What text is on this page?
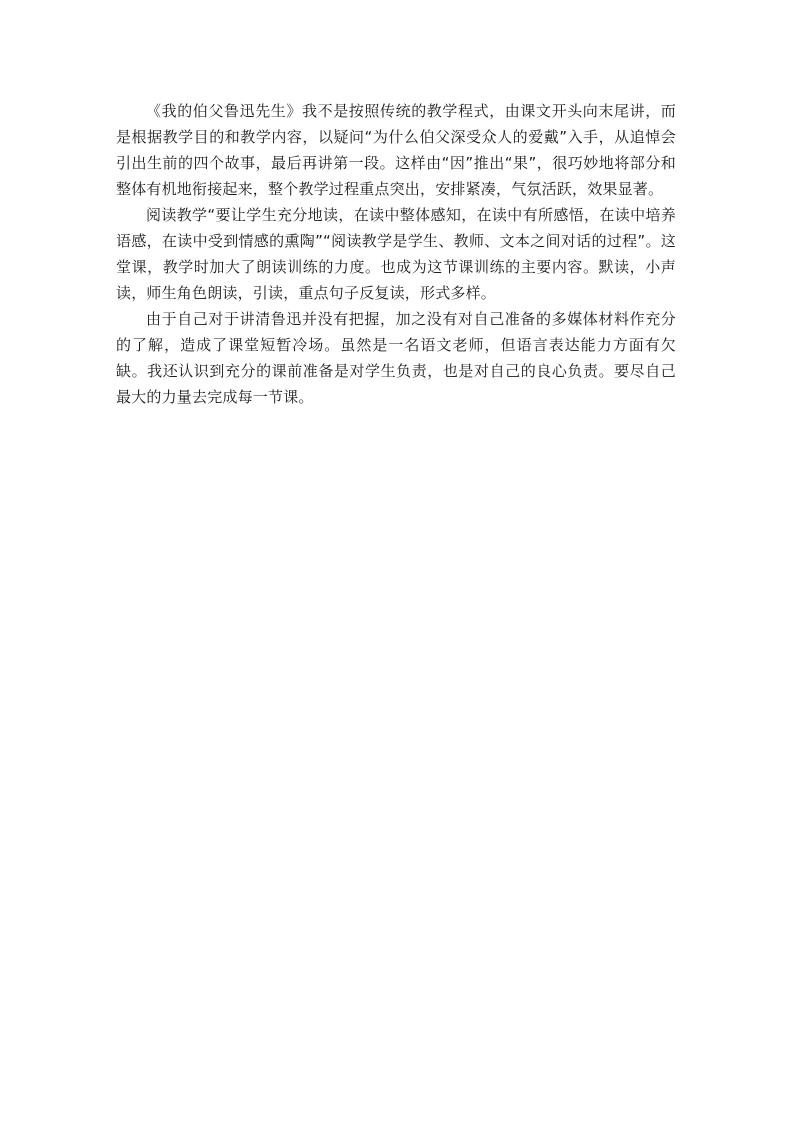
《我的伯父鲁迅先生》我不是按照传统的教学程式，由课文开头向末尾讲，而是根据教学目的和教学内容，以疑问“为什么伯父深受众人的爱戴”入手，从追悼会引出生前的四个故事，最后再讲第一段。这样由“因”推出“果”，很巧妙地将部分和整体有机地衔接起来，整个教学过程重点突出，安排紧凑，气氛活跃，效果显著。

阅读教学“要让学生充分地读，在读中整体感知，在读中有所感悟，在读中培养语感，在读中受到情感的熏陶”“阅读教学是学生、教师、文本之间对话的过程”。这堂课，教学时加大了朗读训练的力度。也成为这节课训练的主要内容。默读，小声读，师生角色朗读，引读，重点句子反复读，形式多样。

由于自己对于讲清鲁迅并没有把握，加之没有对自己准备的多媒体材料作充分的了解，造成了课堂短暂冷场。虽然是一名语文老师，但语言表达能力方面有欠缺。我还认识到充分的课前准备是对学生负责，也是对自己的良心负责。要尽自己最大的力量去完成每一节课。
